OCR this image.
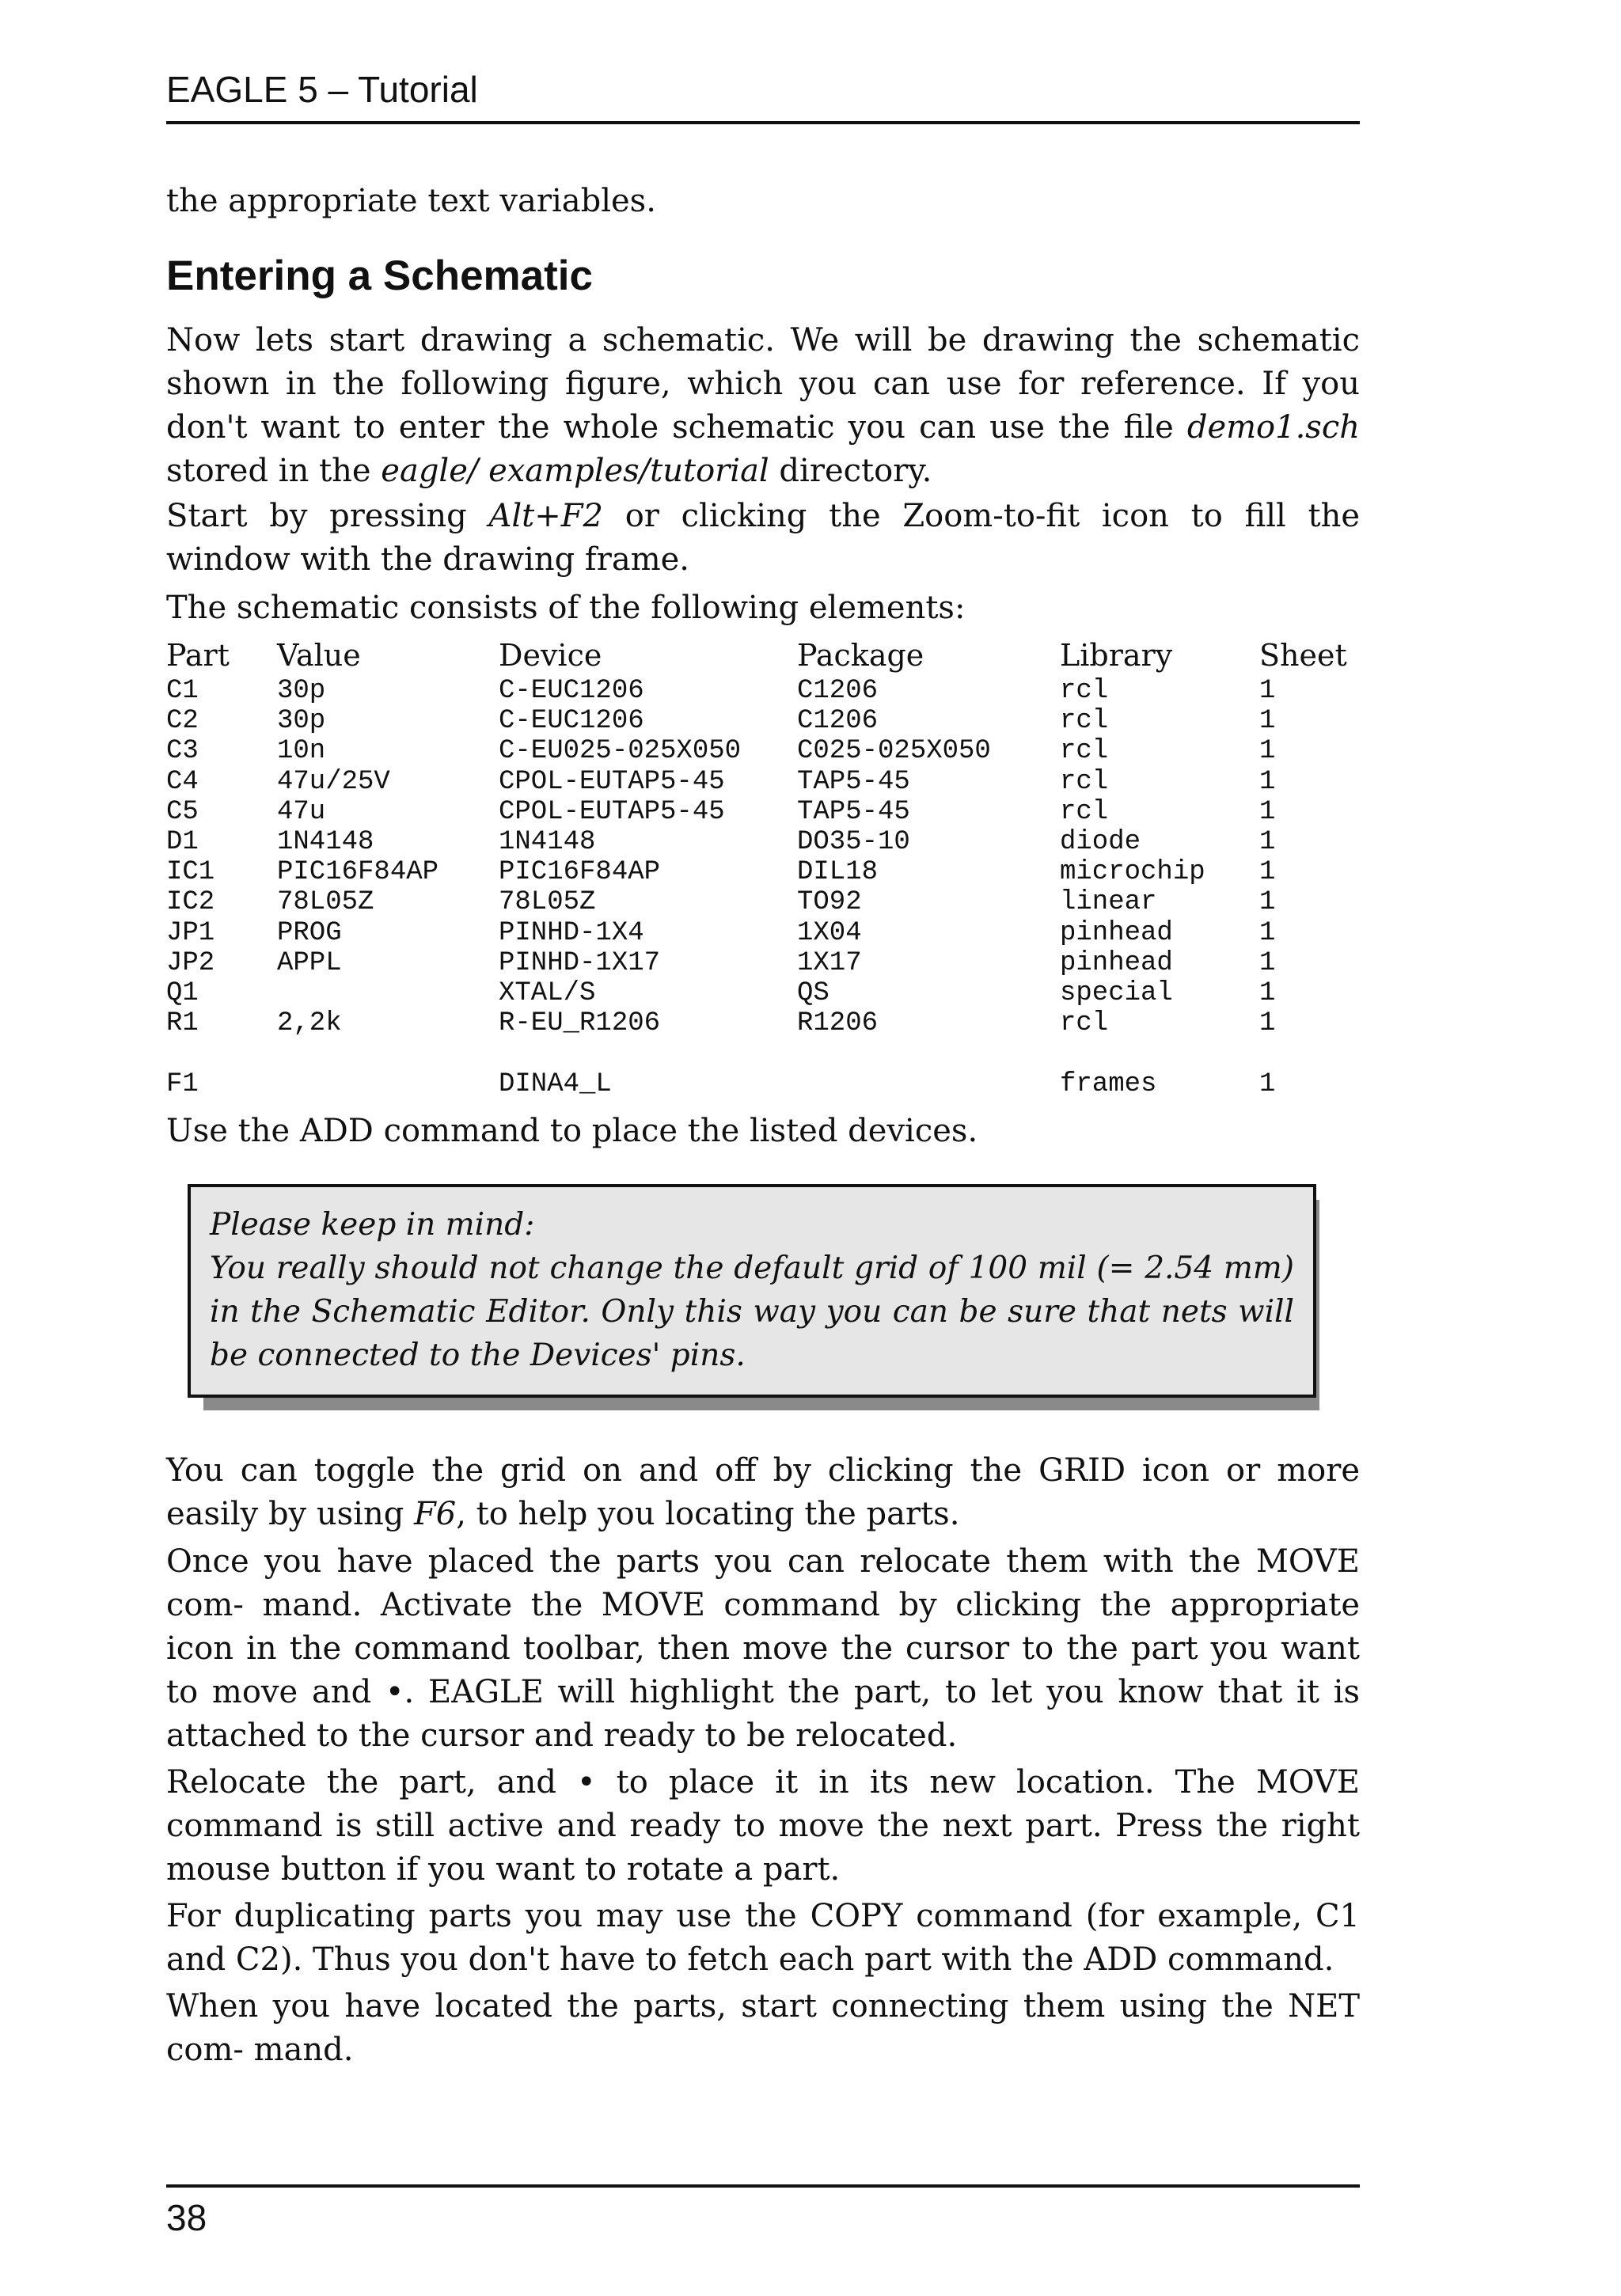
EAGLE 5 – Tutorial

the appropriate text variables.

Entering a Schematic

Now lets start drawing a schematic. We will be drawing the schematic shown in the following figure, which you can use for reference. If you don't want to enter the whole schematic you can use the file demo1.sch stored in the eagle/ examples/tutorial directory.

Start by pressing Alt+F2 or clicking the Zoom-to-fit icon to fill the window with the drawing frame.

The schematic consists of the following elements:

Part	Value	Device	Package	Library	Sheet
C1	30p	C-EUC1206	C1206	rcl	1
C2	30p	C-EUC1206	C1206	rcl	1
C3	10n	C-EU025-025X050	C025-025X050	rcl	1
C4	47u/25V	CPOL-EUTAP5-45	TAP5-45	rcl	1
C5	47u	CPOL-EUTAP5-45	TAP5-45	rcl	1
D1	1N4148	1N4148	DO35-10	diode	1
IC1	PIC16F84AP	PIC16F84AP	DIL18	microchip	1
IC2	78L05Z	78L05Z	TO92	linear	1
JP1	PROG	PINHD-1X4	1X04	pinhead	1
JP2	APPL	PINHD-1X17	1X17	pinhead	1
Q1		XTAL/S	QS	special	1
R1	2,2k	R-EU_R1206	R1206	rcl	1

F1		DINA4_L		frames	1

Use the ADD command to place the listed devices.

Please keep in mind:
You really should not change the default grid of 100 mil (= 2.54 mm) in the Schematic Editor. Only this way you can be sure that nets will be connected to the Devices' pins.

You can toggle the grid on and off by clicking the GRID icon or more easily by using F6, to help you locating the parts.

Once you have placed the parts you can relocate them with the MOVE com- mand. Activate the MOVE command by clicking the appropriate icon in the command toolbar, then move the cursor to the part you want to move and •. EAGLE will highlight the part, to let you know that it is attached to the cursor and ready to be relocated.

Relocate the part, and • to place it in its new location. The MOVE command is still active and ready to move the next part. Press the right mouse button if you want to rotate a part.

For duplicating parts you may use the COPY command (for example, C1 and C2). Thus you don't have to fetch each part with the ADD command.

When you have located the parts, start connecting them using the NET com- mand.

38
